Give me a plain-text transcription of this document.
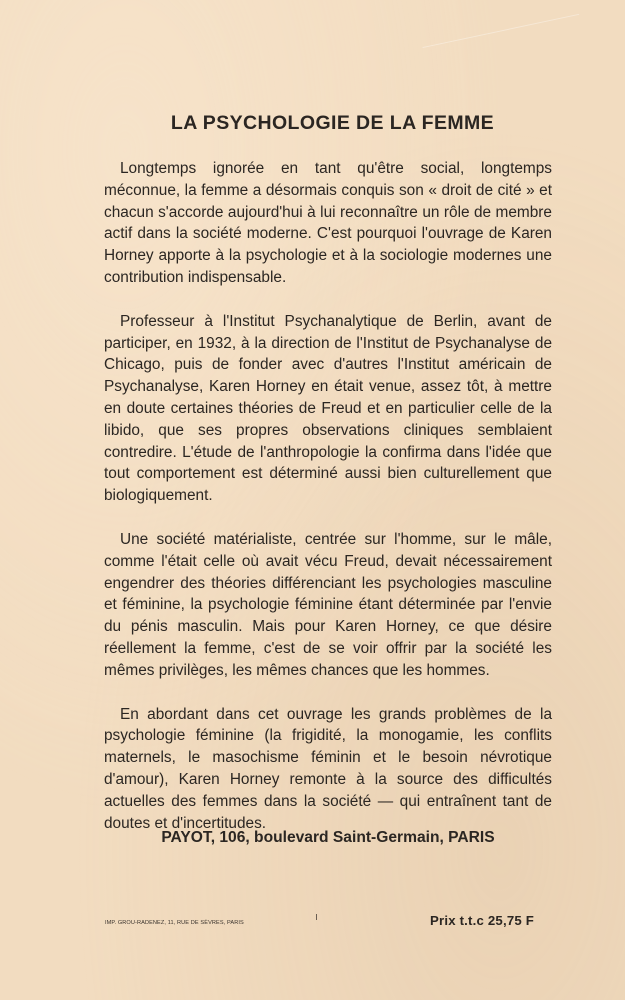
LA PSYCHOLOGIE DE LA FEMME

Longtemps ignorée en tant qu'être social, longtemps méconnue, la femme a désormais conquis son « droit de cité » et chacun s'accorde aujourd'hui à lui reconnaître un rôle de membre actif dans la société moderne. C'est pourquoi l'ouvrage de Karen Horney apporte à la psychologie et à la sociologie modernes une contribution indispensable.

Professeur à l'Institut Psychanalytique de Berlin, avant de participer, en 1932, à la direction de l'Institut de Psychanalyse de Chicago, puis de fonder avec d'autres l'Institut américain de Psychanalyse, Karen Horney en était venue, assez tôt, à mettre en doute certaines théories de Freud et en particulier celle de la libido, que ses propres observations cliniques semblaient contredire. L'étude de l'anthropologie la confirma dans l'idée que tout comportement est déterminé aussi bien culturellement que biologiquement.

Une société matérialiste, centrée sur l'homme, sur le mâle, comme l'était celle où avait vécu Freud, devait nécessairement engendrer des théories différenciant les psychologies masculine et féminine, la psychologie féminine étant déterminée par l'envie du pénis masculin. Mais pour Karen Horney, ce que désire réellement la femme, c'est de se voir offrir par la société les mêmes privilèges, les mêmes chances que les hommes.

En abordant dans cet ouvrage les grands problèmes de la psychologie féminine (la frigidité, la monogamie, les conflits maternels, le masochisme féminin et le besoin névrotique d'amour), Karen Horney remonte à la source des difficultés actuelles des femmes dans la société — qui entraînent tant de doutes et d'incertitudes.

PAYOT, 106, boulevard Saint-Germain, PARIS

IMP. GROU-RADENEZ, 11, RUE DE SÈVRES, PARIS	Prix t.t.c 25,75 F
